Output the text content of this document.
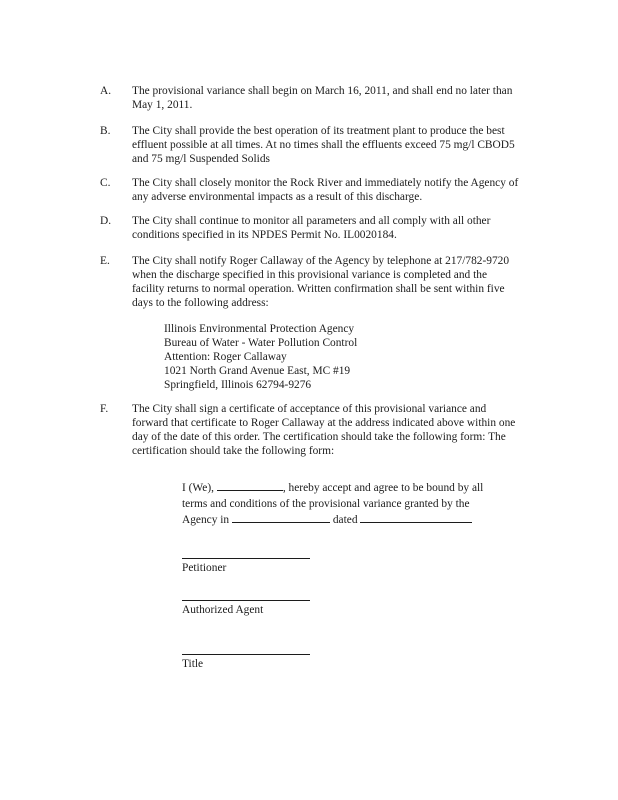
A. The provisional variance shall begin on March 16, 2011, and shall end no later than May 1, 2011.
B. The City shall provide the best operation of its treatment plant to produce the best effluent possible at all times. At no times shall the effluents exceed 75 mg/l CBOD5 and 75 mg/l Suspended Solids
C. The City shall closely monitor the Rock River and immediately notify the Agency of any adverse environmental impacts as a result of this discharge.
D. The City shall continue to monitor all parameters and all comply with all other conditions specified in its NPDES Permit No. IL0020184.
E. The City shall notify Roger Callaway of the Agency by telephone at 217/782-9720 when the discharge specified in this provisional variance is completed and the facility returns to normal operation. Written confirmation shall be sent within five days to the following address:
Illinois Environmental Protection Agency
Bureau of Water - Water Pollution Control
Attention: Roger Callaway
1021 North Grand Avenue East, MC #19
Springfield, Illinois 62794-9276
F. The City shall sign a certificate of acceptance of this provisional variance and forward that certificate to Roger Callaway at the address indicated above within one day of the date of this order. The certification should take the following form: The certification should take the following form:
I (We),	, hereby accept and agree to be bound by all terms and conditions of the provisional variance granted by the Agency in	dated
Petitioner
Authorized Agent
Title
